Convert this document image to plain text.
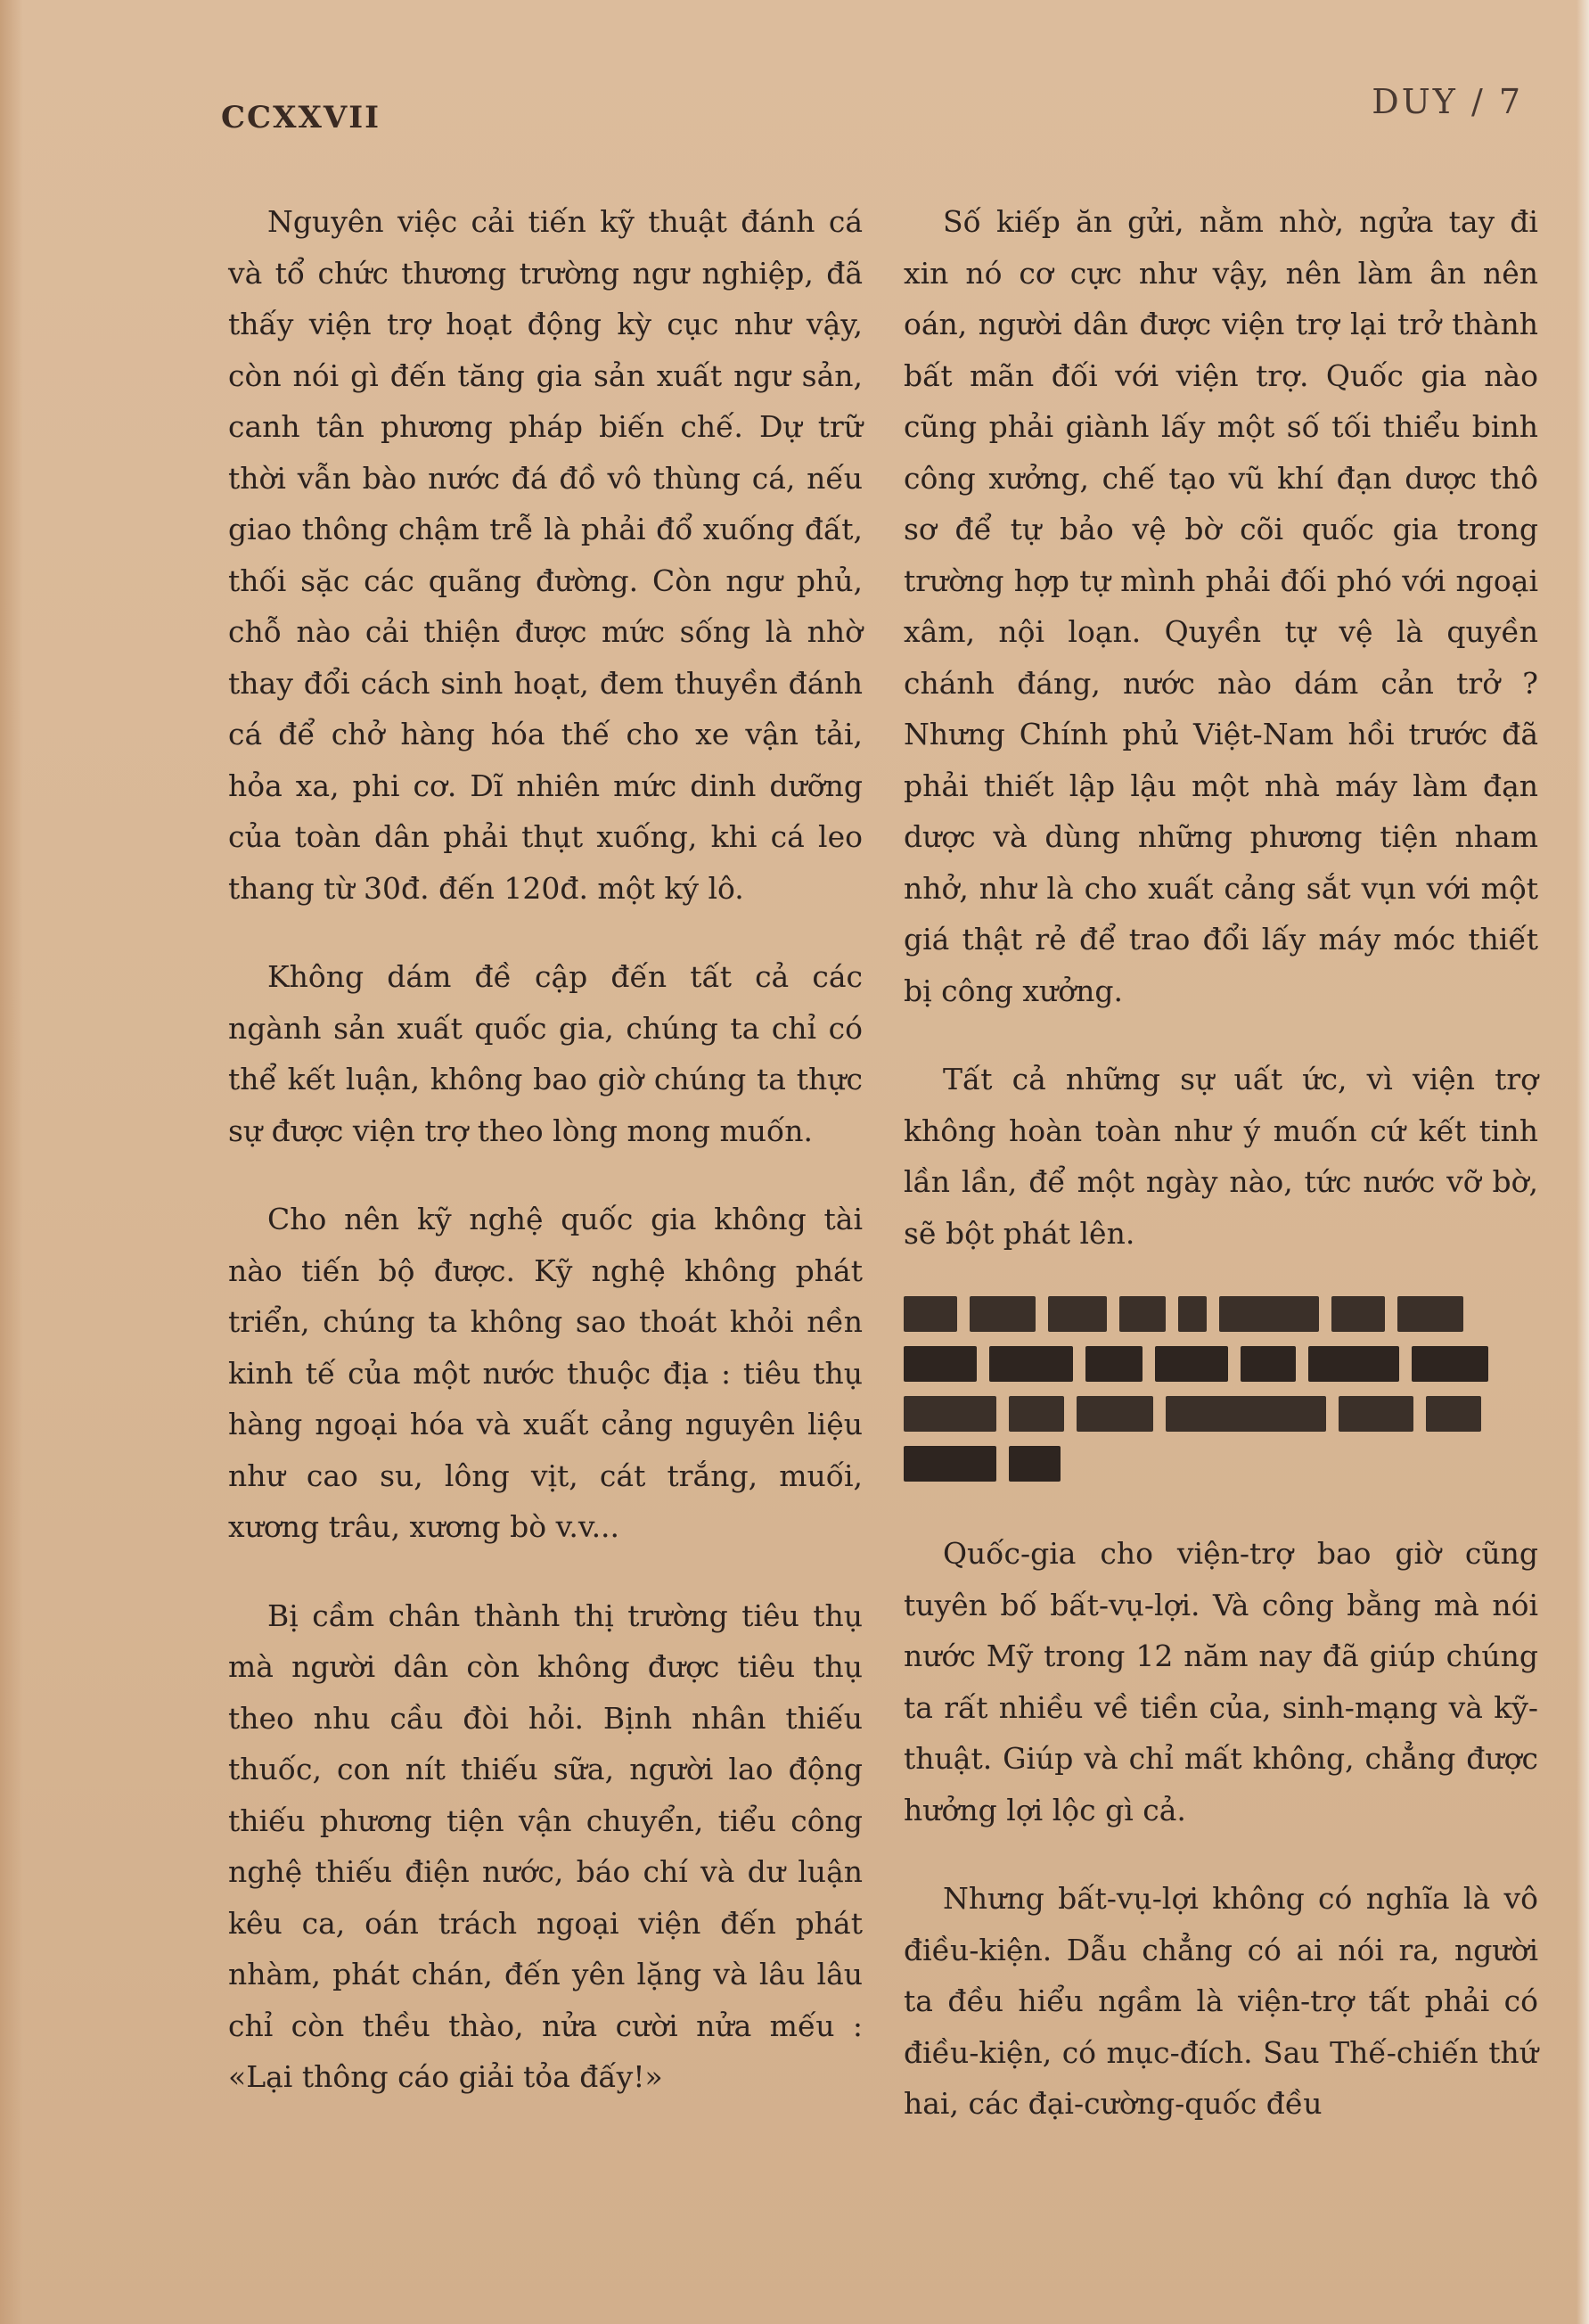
CCXXVII	DUY / 7

Nguyên việc cải tiến kỹ thuật đánh cá và tổ chức thương trường ngư nghiệp, đã thấy viện trợ hoạt động kỳ cục như vậy, còn nói gì đến tăng gia sản xuất ngư sản, canh tân phương pháp biến chế. Dự trữ thời vẫn bào nước đá đồ vô thùng cá, nếu giao thông chậm trễ là phải đổ xuống đất, thối sặc các quãng đường. Còn ngư phủ, chỗ nào cải thiện được mức sống là nhờ thay đổi cách sinh hoạt, đem thuyền đánh cá để chở hàng hóa thế cho xe vận tải, hỏa xa, phi cơ. Dĩ nhiên mức dinh dưỡng của toàn dân phải thụt xuống, khi cá leo thang từ 30đ. đến 120đ. một ký lô.

Không dám đề cập đến tất cả các ngành sản xuất quốc gia, chúng ta chỉ có thể kết luận, không bao giờ chúng ta thực sự được viện trợ theo lòng mong muốn.

Cho nên kỹ nghệ quốc gia không tài nào tiến bộ được. Kỹ nghệ không phát triển, chúng ta không sao thoát khỏi nền kinh tế của một nước thuộc địa : tiêu thụ hàng ngoại hóa và xuất cảng nguyên liệu như cao su, lông vịt, cát trắng, muối, xương trâu, xương bò v.v...

Bị cầm chân thành thị trường tiêu thụ mà người dân còn không được tiêu thụ theo nhu cầu đòi hỏi. Bịnh nhân thiếu thuốc, con nít thiếu sữa, người lao động thiếu phương tiện vận chuyển, tiểu công nghệ thiếu điện nước, báo chí và dư luận kêu ca, oán trách ngoại viện đến phát nhàm, phát chán, đến yên lặng và lâu lâu chỉ còn thều thào, nửa cười nửa mếu : «Lại thông cáo giải tỏa đấy!»

Số kiếp ăn gửi, nằm nhờ, ngửa tay đi xin nó cơ cực như vậy, nên làm ân nên oán, người dân được viện trợ lại trở thành bất mãn đối với viện trợ. Quốc gia nào cũng phải giành lấy một số tối thiểu binh công xưởng, chế tạo vũ khí đạn dược thô sơ để tự bảo vệ bờ cõi quốc gia trong trường hợp tự mình phải đối phó với ngoại xâm, nội loạn. Quyền tự vệ là quyền chánh đáng, nước nào dám cản trở ? Nhưng Chính phủ Việt-Nam hồi trước đã phải thiết lập lậu một nhà máy làm đạn dược và dùng những phương tiện nham nhở, như là cho xuất cảng sắt vụn với một giá thật rẻ để trao đổi lấy máy móc thiết bị công xưởng.

Tất cả những sự uất ức, vì viện trợ không hoàn toàn như ý muốn cứ kết tinh lần lần, để một ngày nào, tức nước vỡ bờ, sẽ bột phát lên.

Quốc-gia cho viện-trợ bao giờ cũng tuyên bố bất-vụ-lợi. Và công bằng mà nói nước Mỹ trong 12 năm nay đã giúp chúng ta rất nhiều về tiền của, sinh-mạng và kỹ-thuật. Giúp và chỉ mất không, chẳng được hưởng lợi lộc gì cả.

Nhưng bất-vụ-lợi không có nghĩa là vô điều-kiện. Dẫu chẳng có ai nói ra, người ta đều hiểu ngầm là viện-trợ tất phải có điều-kiện, có mục-đích. Sau Thế-chiến thứ hai, các đại-cường-quốc đều
